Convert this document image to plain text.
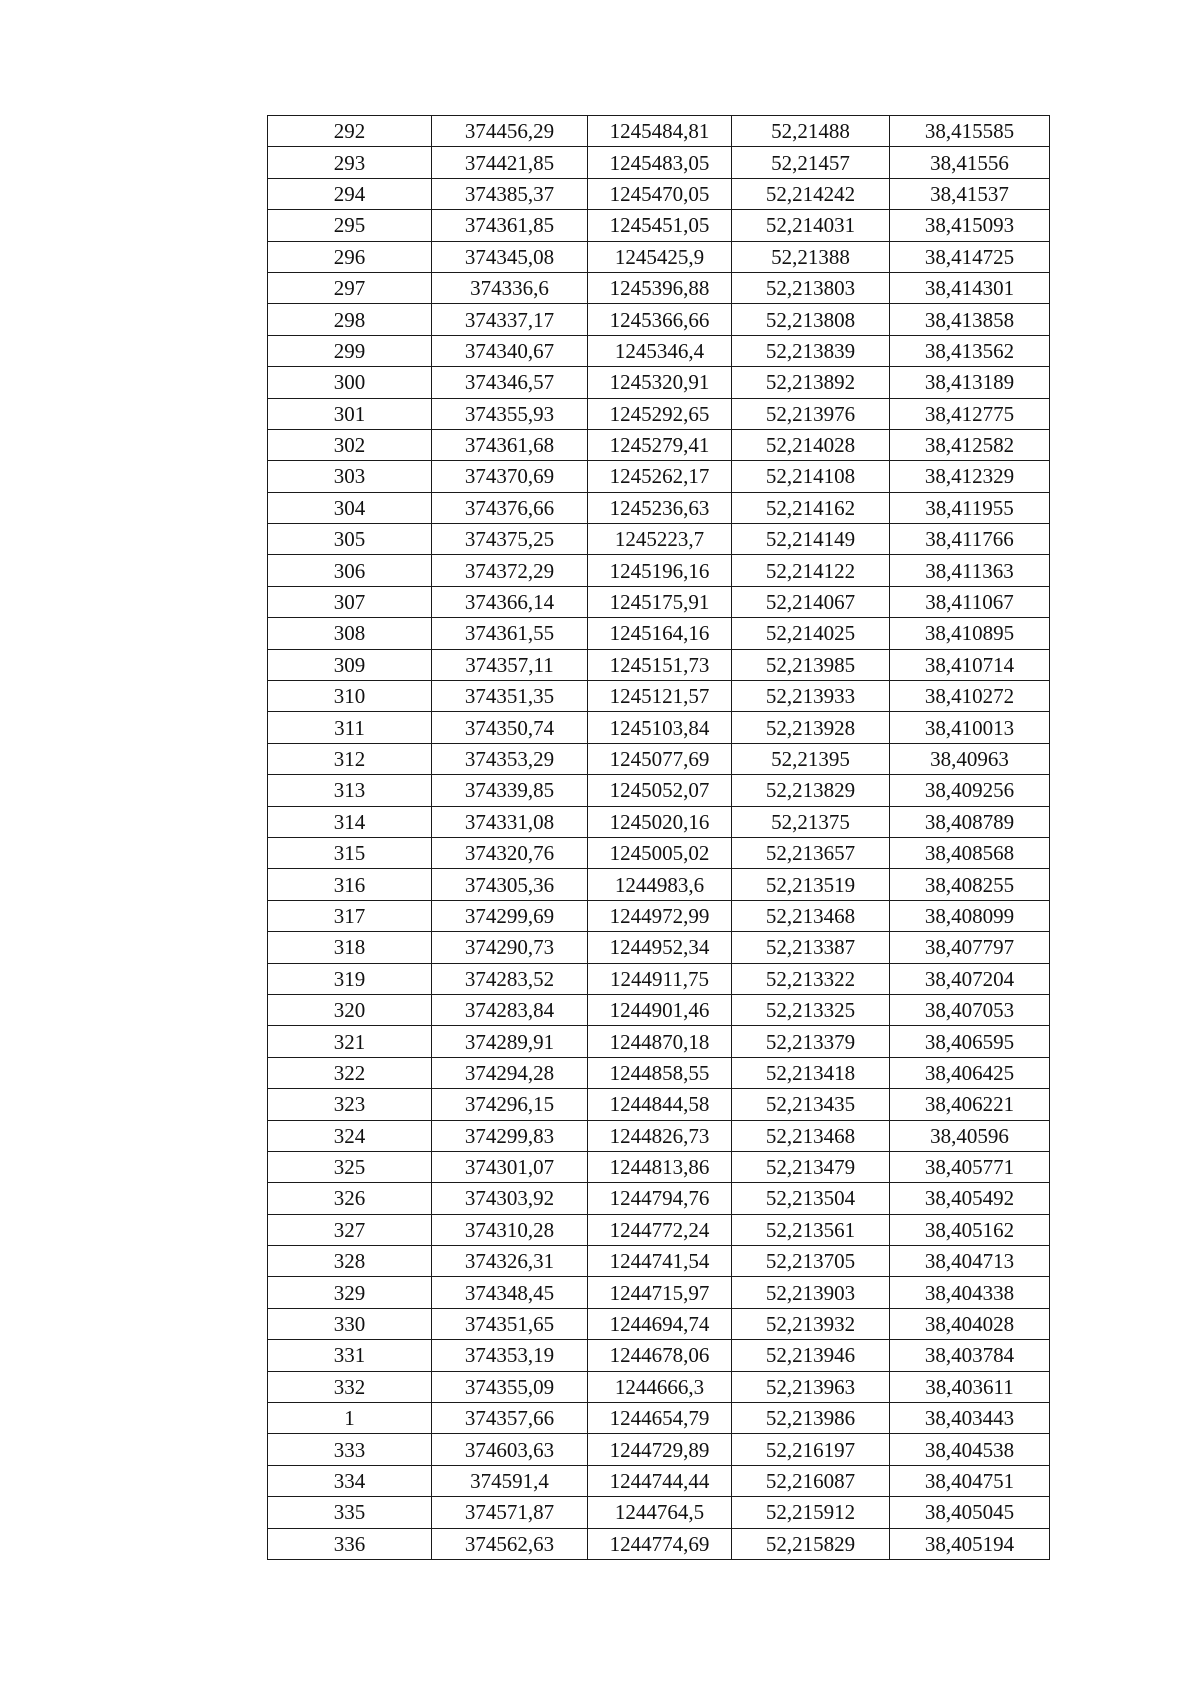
292	374456,29	1245484,81	52,21488	38,415585
293	374421,85	1245483,05	52,21457	38,41556
294	374385,37	1245470,05	52,214242	38,41537
295	374361,85	1245451,05	52,214031	38,415093
296	374345,08	1245425,9	52,21388	38,414725
297	374336,6	1245396,88	52,213803	38,414301
298	374337,17	1245366,66	52,213808	38,413858
299	374340,67	1245346,4	52,213839	38,413562
300	374346,57	1245320,91	52,213892	38,413189
301	374355,93	1245292,65	52,213976	38,412775
302	374361,68	1245279,41	52,214028	38,412582
303	374370,69	1245262,17	52,214108	38,412329
304	374376,66	1245236,63	52,214162	38,411955
305	374375,25	1245223,7	52,214149	38,411766
306	374372,29	1245196,16	52,214122	38,411363
307	374366,14	1245175,91	52,214067	38,411067
308	374361,55	1245164,16	52,214025	38,410895
309	374357,11	1245151,73	52,213985	38,410714
310	374351,35	1245121,57	52,213933	38,410272
311	374350,74	1245103,84	52,213928	38,410013
312	374353,29	1245077,69	52,21395	38,40963
313	374339,85	1245052,07	52,213829	38,409256
314	374331,08	1245020,16	52,21375	38,408789
315	374320,76	1245005,02	52,213657	38,408568
316	374305,36	1244983,6	52,213519	38,408255
317	374299,69	1244972,99	52,213468	38,408099
318	374290,73	1244952,34	52,213387	38,407797
319	374283,52	1244911,75	52,213322	38,407204
320	374283,84	1244901,46	52,213325	38,407053
321	374289,91	1244870,18	52,213379	38,406595
322	374294,28	1244858,55	52,213418	38,406425
323	374296,15	1244844,58	52,213435	38,406221
324	374299,83	1244826,73	52,213468	38,40596
325	374301,07	1244813,86	52,213479	38,405771
326	374303,92	1244794,76	52,213504	38,405492
327	374310,28	1244772,24	52,213561	38,405162
328	374326,31	1244741,54	52,213705	38,404713
329	374348,45	1244715,97	52,213903	38,404338
330	374351,65	1244694,74	52,213932	38,404028
331	374353,19	1244678,06	52,213946	38,403784
332	374355,09	1244666,3	52,213963	38,403611
1	374357,66	1244654,79	52,213986	38,403443
333	374603,63	1244729,89	52,216197	38,404538
334	374591,4	1244744,44	52,216087	38,404751
335	374571,87	1244764,5	52,215912	38,405045
336	374562,63	1244774,69	52,215829	38,405194
